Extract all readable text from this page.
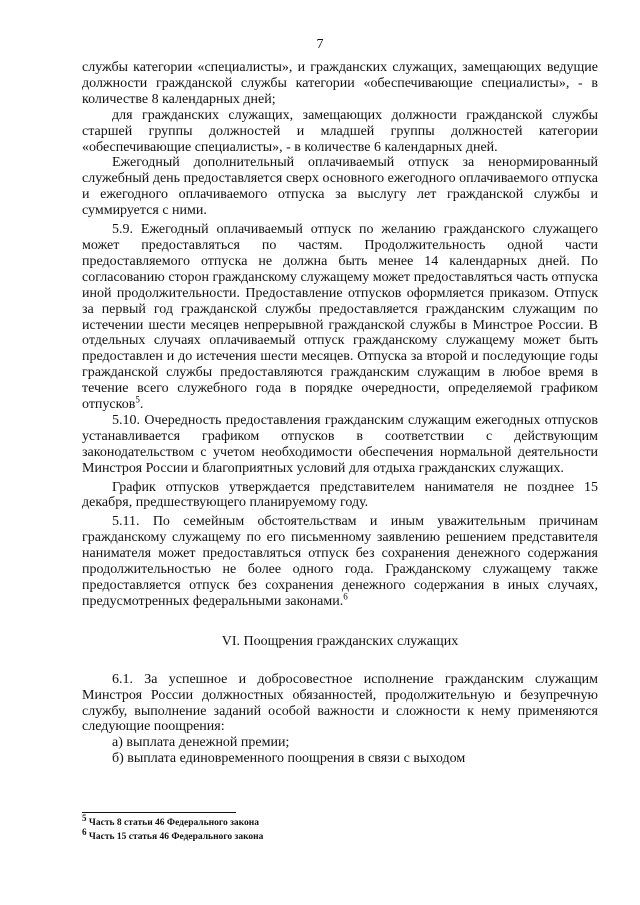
7

службы категории «специалисты», и гражданских служащих, замещающих ведущие должности гражданской службы категории «обеспечивающие специалисты», - в количестве 8 календарных дней;

для гражданских служащих, замещающих должности гражданской службы старшей группы должностей и младшей группы должностей категории «обеспечивающие специалисты», - в количестве 6 календарных дней.

Ежегодный дополнительный оплачиваемый отпуск за ненормированный служебный день предоставляется сверх основного ежегодного оплачиваемого отпуска и ежегодного оплачиваемого отпуска за выслугу лет гражданской службы и суммируется с ними.

5.9. Ежегодный оплачиваемый отпуск по желанию гражданского служащего может предоставляться по частям. Продолжительность одной части предоставляемого отпуска не должна быть менее 14 календарных дней. По согласованию сторон гражданскому служащему может предоставляться часть отпуска иной продолжительности. Предоставление отпусков оформляется приказом. Отпуск за первый год гражданской службы предоставляется гражданским служащим по истечении шести месяцев непрерывной гражданской службы в Минстрое России. В отдельных случаях оплачиваемый отпуск гражданскому служащему может быть предоставлен и до истечения шести месяцев. Отпуска за второй и последующие годы гражданской службы предоставляются гражданским служащим в любое время в течение всего служебного года в порядке очередности, определяемой графиком отпусков$^5$.

5.10. Очередность предоставления гражданским служащим ежегодных отпусков устанавливается графиком отпусков в соответствии с действующим законодательством с учетом необходимости обеспечения нормальной деятельности Минстроя России и благоприятных условий для отдыха гражданских служащих.

График отпусков утверждается представителем нанимателя не позднее 15 декабря, предшествующего планируемому году.

5.11. По семейным обстоятельствам и иным уважительным причинам гражданскому служащему по его письменному заявлению решением представителя нанимателя может предоставляться отпуск без сохранения денежного содержания продолжительностью не более одного года. Гражданскому служащему также предоставляется отпуск без сохранения денежного содержания в иных случаях, предусмотренных федеральными законами.$^6$

VI. Поощрения гражданских служащих

6.1. За успешное и добросовестное исполнение гражданским служащим Минстроя России должностных обязанностей, продолжительную и безупречную службу, выполнение заданий особой важности и сложности к нему применяются следующие поощрения:

а) выплата денежной премии;

б) выплата единовременного поощрения в связи с выходом

$^5$ Часть 8 статьи 46 Федерального закона
$^6$ Часть 15 статья 46 Федерального закона
